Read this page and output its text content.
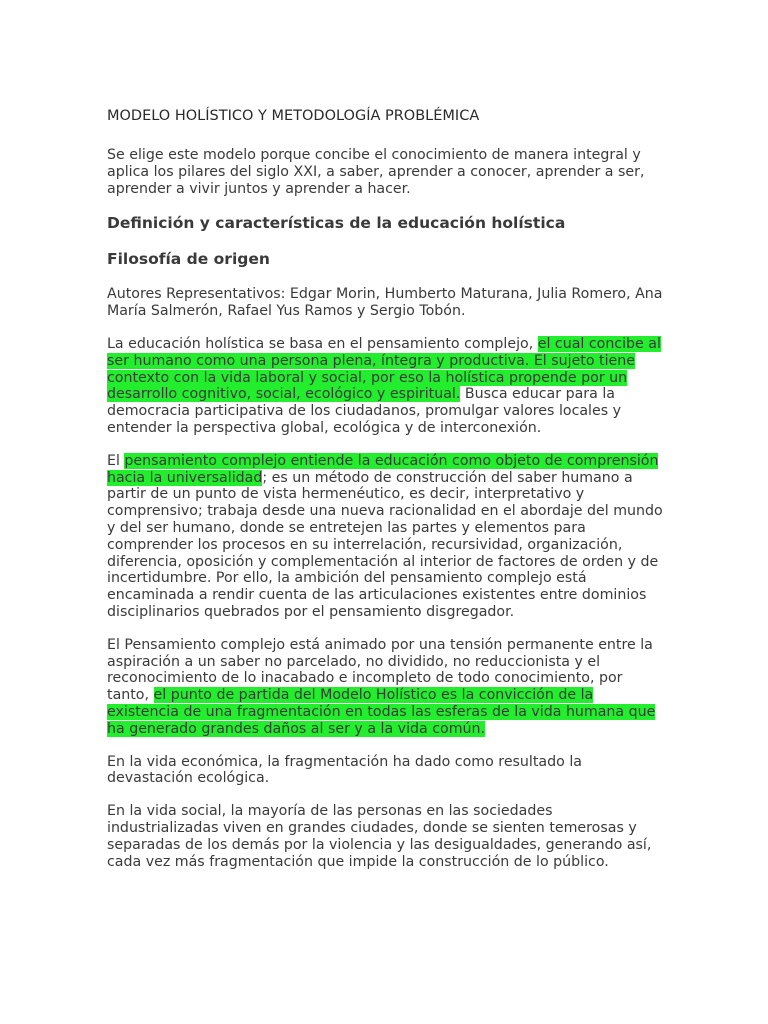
MODELO HOLÍSTICO Y METODOLOGÍA PROBLÉMICA

Se elige este modelo porque concibe el conocimiento de manera integral y aplica los pilares del siglo XXI, a saber, aprender a conocer, aprender a ser, aprender a vivir juntos y aprender a hacer.

Definición y características de la educación holística

Filosofía de origen

Autores Representativos: Edgar Morin, Humberto Maturana, Julia Romero, Ana María Salmerón, Rafael Yus Ramos y Sergio Tobón.

La educación holística se basa en el pensamiento complejo, el cual concibe al ser humano como una persona plena, íntegra y productiva. El sujeto tiene contexto con la vida laboral y social, por eso la holística propende por un desarrollo cognitivo, social, ecológico y espiritual. Busca educar para la democracia participativa de los ciudadanos, promulgar valores locales y entender la perspectiva global, ecológica y de interconexión.

El pensamiento complejo entiende la educación como objeto de comprensión hacia la universalidad; es un método de construcción del saber humano a partir de un punto de vista hermenéutico, es decir, interpretativo y comprensivo; trabaja desde una nueva racionalidad en el abordaje del mundo y del ser humano, donde se entretejen las partes y elementos para comprender los procesos en su interrelación, recursividad, organización, diferencia, oposición y complementación al interior de factores de orden y de incertidumbre. Por ello, la ambición del pensamiento complejo está encaminada a rendir cuenta de las articulaciones existentes entre dominios disciplinarios quebrados por el pensamiento disgregador.

El Pensamiento complejo está animado por una tensión permanente entre la aspiración a un saber no parcelado, no dividido, no reduccionista y el reconocimiento de lo inacabado e incompleto de todo conocimiento, por tanto, el punto de partida del Modelo Holístico es la convicción de la existencia de una fragmentación en todas las esferas de la vida humana que ha generado grandes daños al ser y a la vida común.

En la vida económica, la fragmentación ha dado como resultado la devastación ecológica.

En la vida social, la mayoría de las personas en las sociedades industrializadas viven en grandes ciudades, donde se sienten temerosas y separadas de los demás por la violencia y las desigualdades, generando así, cada vez más fragmentación que impide la construcción de lo público.
